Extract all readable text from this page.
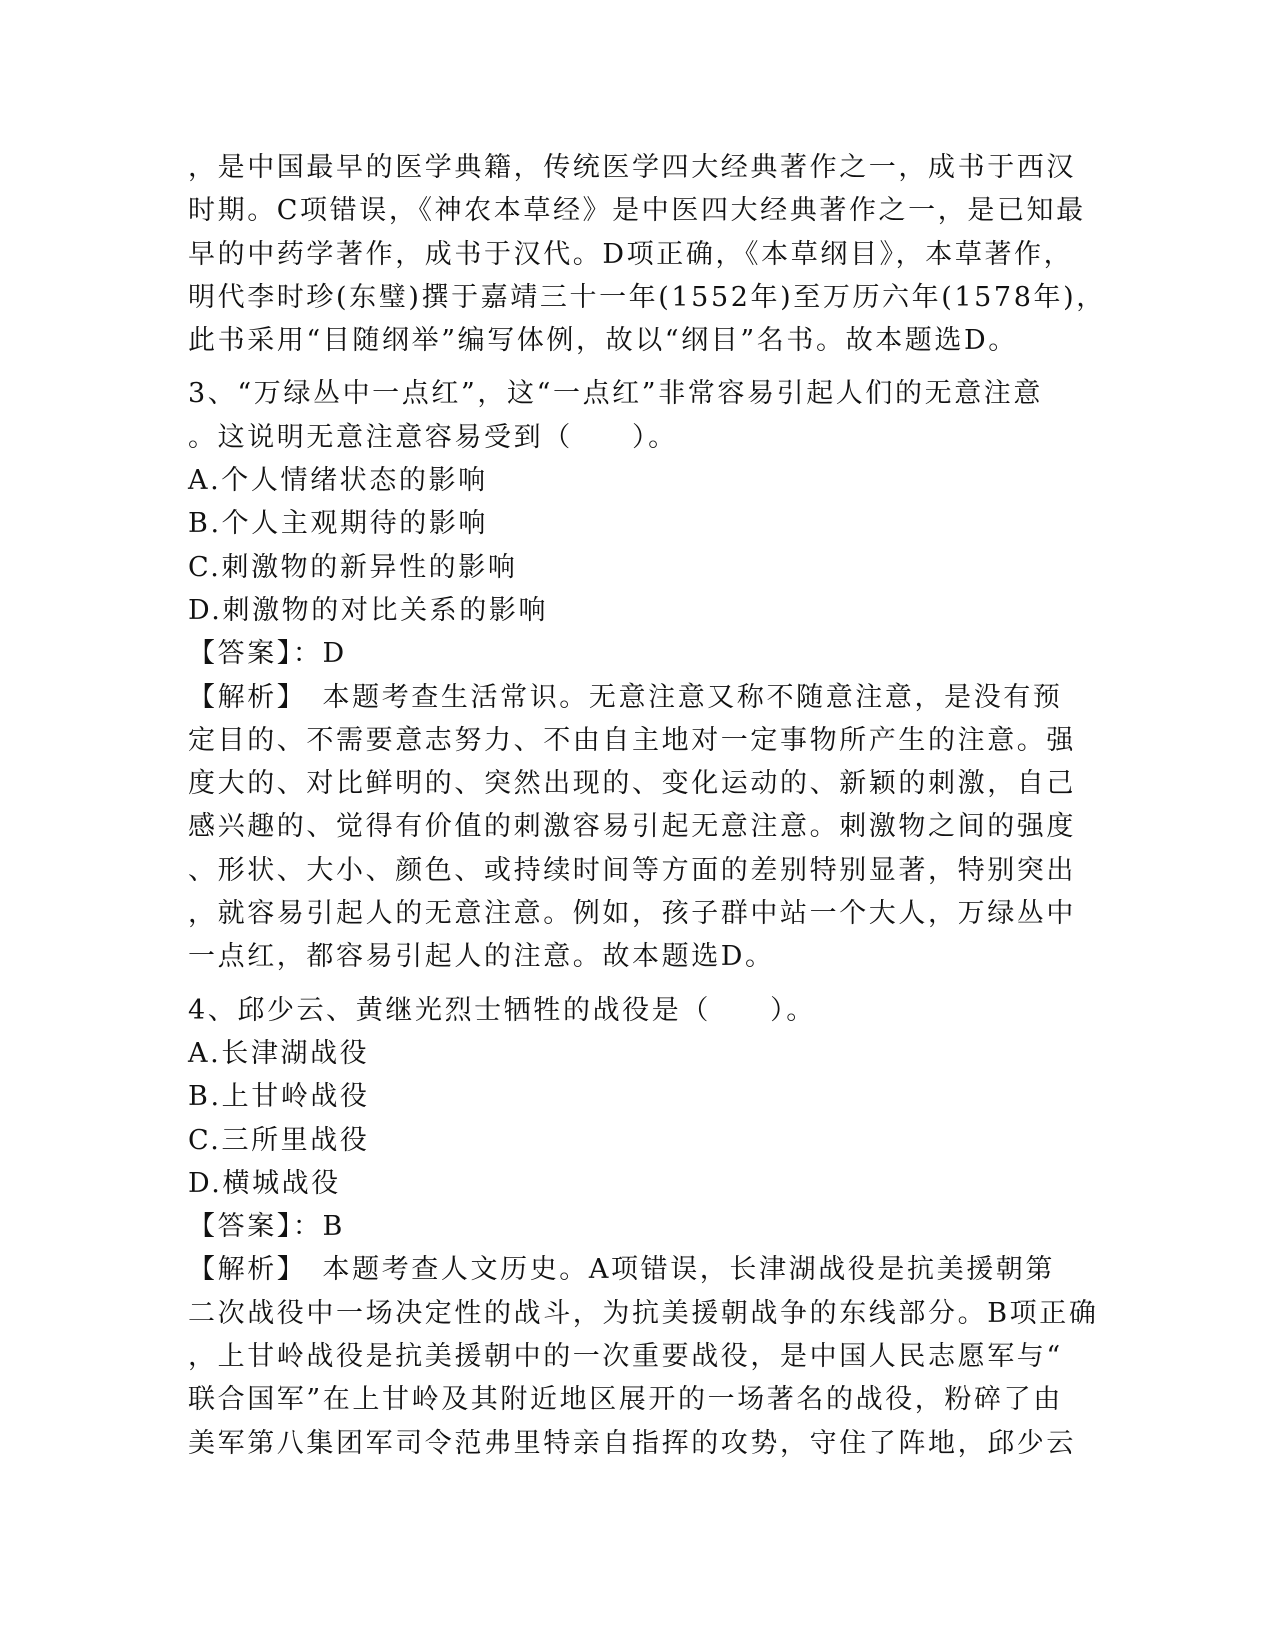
，是中国最早的医学典籍，传统医学四大经典著作之一，成书于西汉
时期。C项错误，《神农本草经》是中医四大经典著作之一，是已知最
早的中药学著作，成书于汉代。D项正确，《本草纲目》，本草著作，
明代李时珍(东璧)撰于嘉靖三十一年(1552年)至万历六年(1578年)，
此书采用“目随纲举”编写体例，故以“纲目”名书。故本题选D。
3、“万绿丛中一点红”，这“一点红”非常容易引起人们的无意注意
。这说明无意注意容易受到（　　）。
A.个人情绪状态的影响
B.个人主观期待的影响
C.刺激物的新异性的影响
D.刺激物的对比关系的影响
【答案】：D
【解析】　本题考查生活常识。无意注意又称不随意注意，是没有预
定目的、不需要意志努力、不由自主地对一定事物所产生的注意。强
度大的、对比鲜明的、突然出现的、变化运动的、新颖的刺激，自己
感兴趣的、觉得有价值的刺激容易引起无意注意。刺激物之间的强度
、形状、大小、颜色、或持续时间等方面的差别特别显著，特别突出
，就容易引起人的无意注意。例如，孩子群中站一个大人，万绿丛中
一点红，都容易引起人的注意。故本题选D。
4、邱少云、黄继光烈士牺牲的战役是（　　）。
A.长津湖战役
B.上甘岭战役
C.三所里战役
D.横城战役
【答案】：B
【解析】　本题考查人文历史。A项错误，长津湖战役是抗美援朝第
二次战役中一场决定性的战斗，为抗美援朝战争的东线部分。B项正确
，上甘岭战役是抗美援朝中的一次重要战役，是中国人民志愿军与“
联合国军”在上甘岭及其附近地区展开的一场著名的战役，粉碎了由
美军第八集团军司令范弗里特亲自指挥的攻势，守住了阵地，邱少云
